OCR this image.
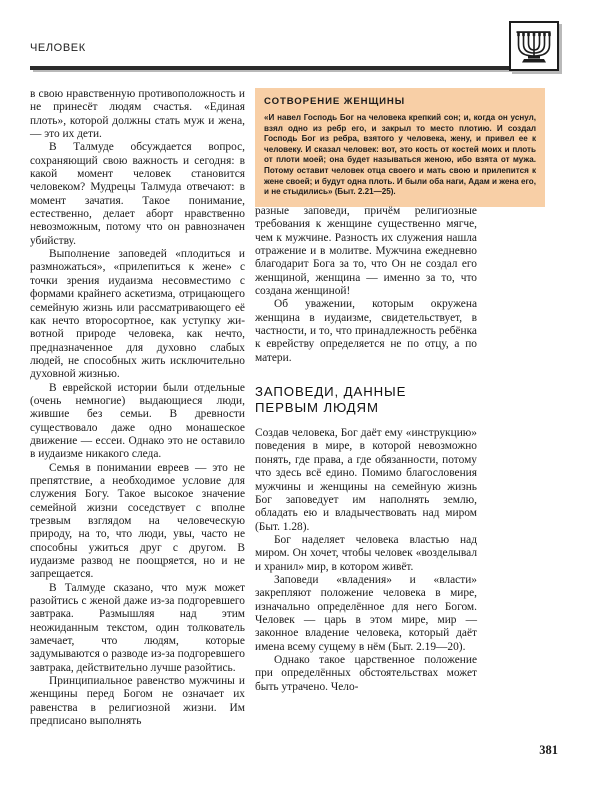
ЧЕЛОВЕК
СОТВОРЕНИЕ ЖЕНЩИНЫ
«И навел Господь Бог на человека крепкий сон; и, когда он уснул, взял одно из ребр его, и закрыл то место плотию. И создал Господь Бог из ребра, взятого у человека, жену, и привел ее к человеку. И сказал человек: вот, это кость от костей моих и плоть от плоти моей; она будет называться женою, ибо взята от мужа. Потому оставит человек отца своего и мать свою и прилепится к жене своей; и будут одна плоть. И были оба наги, Адам и жена его, и не стыдились» (Быт. 2.21—25).

в свою нравственную противоположность и не принесёт людям счастья. «Единая плоть», которой должны стать муж и жена, — это их дети.

В Талмуде обсуждается вопрос, сохраняющий свою важность и сегодня: в какой момент человек становится человеком? Мудрецы Талмуда отвечают: в момент зачатия. Такое понимание, естественно, делает аборт нравственно невозможным, потому что он равнозначен убийству.

Выполнение заповедей «плодиться и размножаться», «прилепиться к жене» с точки зрения иудаизма несовместимо с формами крайнего аскетизма, отрицающего семейную жизнь или рассматривающего её как нечто второсортное, как уступку животной природе человека, как нечто, предназначенное для духовно слабых людей, не способных жить исключительно духовной жизнью.

В еврейской истории были отдельные (очень немногие) выдающиеся люди, жившие без семьи. В древности существовало даже одно монашеское движение — ессеи. Однако это не оставило в иудаизме никакого следа.

Семья в понимании евреев — это не препятствие, а необходимое условие для служения Богу. Такое высокое значение семейной жизни соседствует с вполне трезвым взглядом на человеческую природу, на то, что люди, увы, часто не способны ужиться друг с другом. В иудаизме развод не поощряется, но и не запрещается.

В Талмуде сказано, что муж может разойтись с женой даже из-за подгоревшего завтрака. Размышляя над этим неожиданным текстом, один толкователь замечает, что людям, которые задумываются о разводе из-за подгоревшего завтрака, действительно лучше разойтись.

Принципиальное равенство мужчины и женщины перед Богом не означает их равенства в религиозной жизни. Им предписано выполнять

разные заповеди, причём религиозные требования к женщине существенно мягче, чем к мужчине. Разность их служения нашла отражение и в молитве. Мужчина ежедневно благодарит Бога за то, что Он не создал его женщиной, женщина — именно за то, что создана женщиной!

Об уважении, которым окружена женщина в иудаизме, свидетельствует, в частности, и то, что принадлежность ребёнка к еврейству определяется не по отцу, а по матери.

ЗАПОВЕДИ, ДАННЫЕ
ПЕРВЫМ ЛЮДЯМ

Создав человека, Бог даёт ему «инструкцию» поведения в мире, в которой невозможно понять, где права, а где обязанности, потому что здесь всё едино. Помимо благословения мужчины и женщины на семейную жизнь Бог заповедует им наполнять землю, обладать ею и владычествовать над миром (Быт. 1.28).

Бог наделяет человека властью над миром. Он хочет, чтобы человек «возделывал и хранил» мир, в котором живёт.

Заповеди «владения» и «власти» закрепляют положение человека в мире, изначально определённое для него Богом. Человек — царь в этом мире, мир — законное владение человека, который даёт имена всему сущему в нём (Быт. 2.19—20).

Однако такое царственное положение при определённых обстоятельствах может быть утрачено. Чело-

381
